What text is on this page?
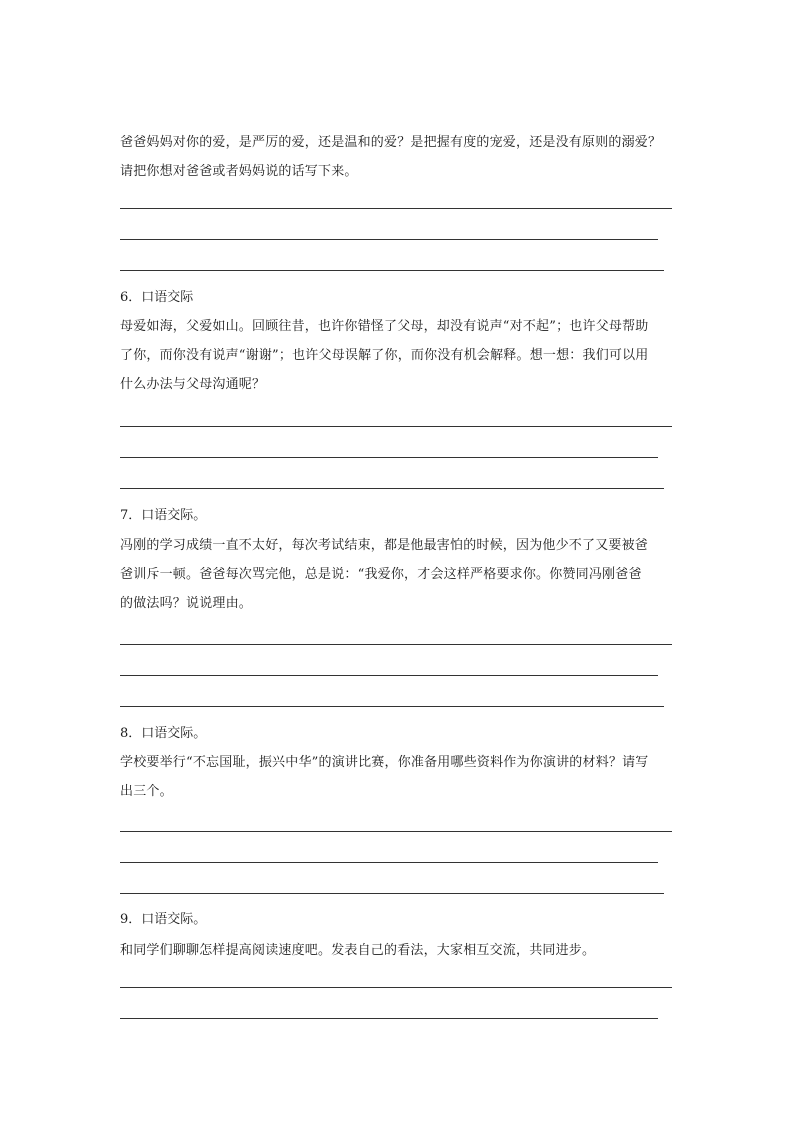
爸爸妈妈对你的爱，是严厉的爱，还是温和的爱？是把握有度的宠爱，还是没有原则的溺爱？

请把你想对爸爸或者妈妈说的话写下来。

6．口语交际

母爱如海，父爱如山。回顾往昔，也许你错怪了父母，却没有说声“对不起”；也许父母帮助

了你，而你没有说声“谢谢”；也许父母误解了你，而你没有机会解释。想一想：我们可以用

什么办法与父母沟通呢？

7．口语交际。

冯刚的学习成绩一直不太好，每次考试结束，都是他最害怕的时候，因为他少不了又要被爸

爸训斥一顿。爸爸每次骂完他，总是说：“我爱你，才会这样严格要求你。你赞同冯刚爸爸

的做法吗？说说理由。

8．口语交际。

学校要举行“不忘国耻，振兴中华”的演讲比赛，你准备用哪些资料作为你演讲的材料？请写

出三个。

9．口语交际。

和同学们聊聊怎样提高阅读速度吧。发表自己的看法，大家相互交流，共同进步。
